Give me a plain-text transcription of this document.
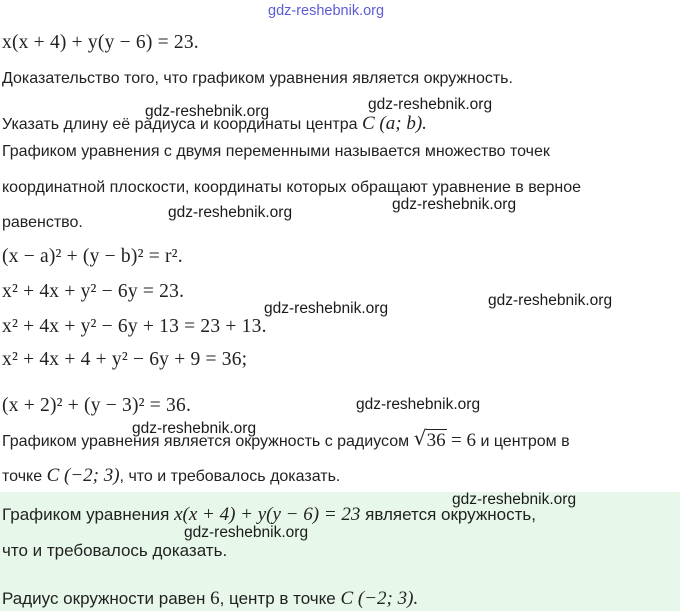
gdz-reshebnik.org
x(x + 4) + y(y − 6) = 23.
Доказательство того, что графиком уравнения является окружность.
Указать длину её радиуса и координаты центра C (a; b).
Графиком уравнения с двумя переменными называется множество точек
координатной плоскости, координаты которых обращают уравнение в верное
равенство.
(x − a)² + (y − b)² = r².
x² + 4x + y² − 6y = 23.
x² + 4x + y² − 6y + 13 = 23 + 13.
x² + 4x + 4 + y² − 6y + 9 = 36;
(x + 2)² + (y − 3)² = 36.
Графиком уравнения является окружность с радиусом √ 36 = 6 и центром в
точке C (−2; 3), что и требовалось доказать.
Графиком уравнения x(x + 4) + y(y − 6) = 23 является окружность,
что и требовалось доказать.
Радиус окружности равен 6, центр в точке C (−2; 3).
gdz-reshebnik.org	gdz-reshebnik.org
gdz-reshebnik.org	gdz-reshebnik.org
gdz-reshebnik.org	gdz-reshebnik.org
gdz-reshebnik.org
gdz-reshebnik.org
gdz-reshebnik.org
gdz-reshebnik.org
